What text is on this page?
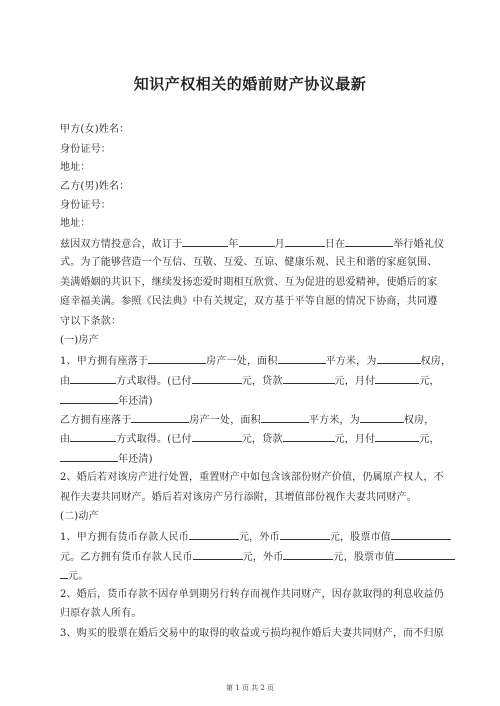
知识产权相关的婚前财产协议最新
甲方(女)姓名：
身份证号：
地址：
乙方(男)姓名：
身份证号：
地址：
兹因双方情投意合，故订于	年	月	日在	举行婚礼仪
式。为了能够营造一个互信、互敬、互爱、互谅、健康乐观、民主和谐的家庭氛围、
美满婚姻的共识下，继续发扬恋爱时期相互欣赏、互为促进的恩爱精神，使婚后的家
庭幸福美满。参照《民法典》中有关规定，双方基于平等自愿的情况下协商，共同遵
守以下条款：
(一)房产
1、甲方拥有座落于	房产一处，面积	平方米，为	权房，
由	方式取得。(已付	元，贷款	元，月付	元，
年还清)
乙方拥有座落于	房产一处，面积	平方米，为	权房，
由	方式取得。(已付	元，贷款	元，月付	元，
年还清)
2、婚后若对该房产进行处置，重置财产中如包含该部份财产价值，仍属原产权人，不
视作夫妻共同财产。婚后若对该房产另行添附，其增值部份视作夫妻共同财产。
(二)动产
1、甲方拥有货币存款人民币	元，外币	元，股票市值
元。乙方拥有货币存款人民币	元，外币	元，股票市值
元。
2、婚后，货币存款不因存单到期另行转存而视作共同财产，因存款取得的利息收益仍
归原存款人所有。
3、购买的股票在婚后交易中的取得的收益或亏损均视作婚后夫妻共同财产，而不归原
第 1 页 共 2 页
